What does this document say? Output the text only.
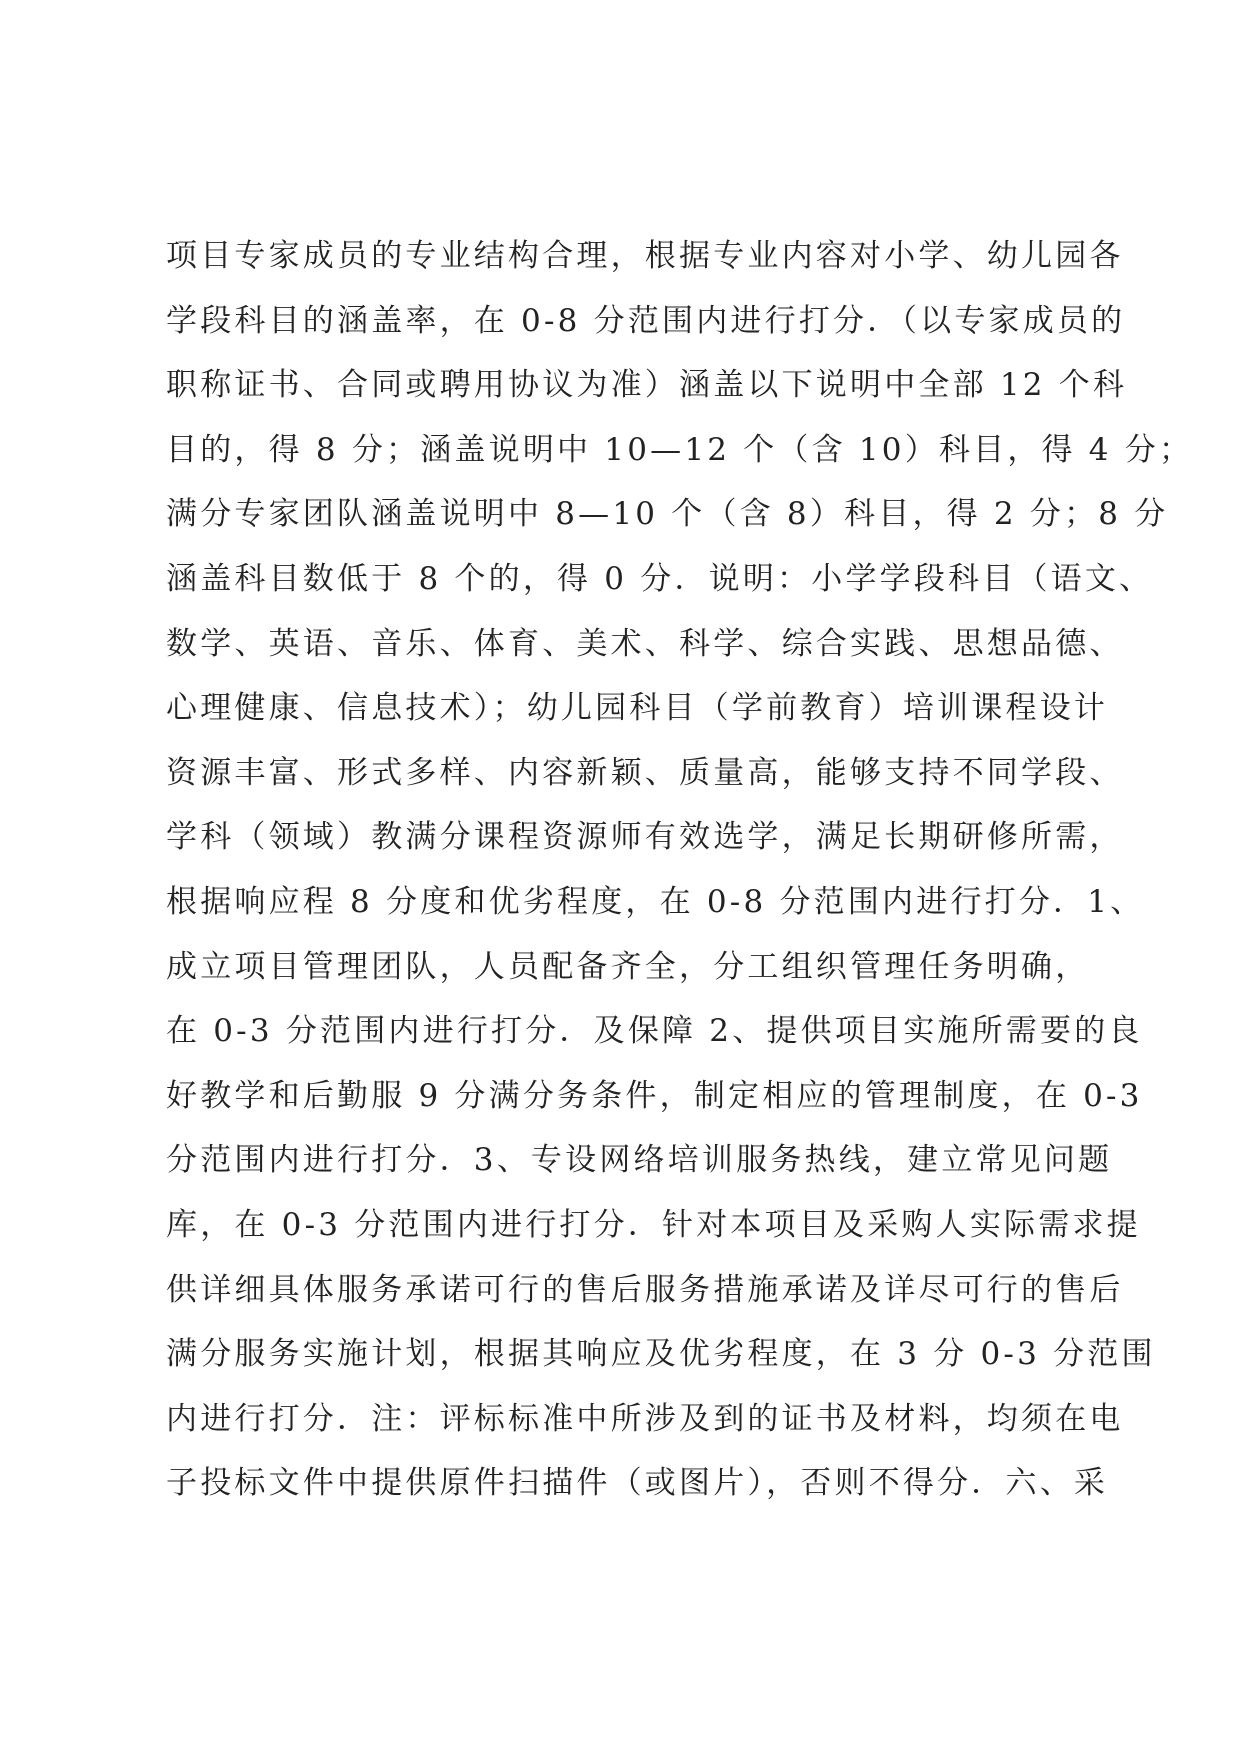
项目专家成员的专业结构合理，根据专业内容对小学、幼儿园各
学段科目的涵盖率，在 0-8 分范围内进行打分．（以专家成员的
职称证书、合同或聘用协议为准）涵盖以下说明中全部 12 个科
目的，得 8 分；涵盖说明中 10—12 个（含 10）科目，得 4 分；
满分专家团队涵盖说明中 8—10 个（含 8）科目，得 2 分；8 分
涵盖科目数低于 8 个的，得 0 分．说明：小学学段科目（语文、
数学、英语、音乐、体育、美术、科学、综合实践、思想品德、
心理健康、信息技术）；幼儿园科目（学前教育）培训课程设计
资源丰富、形式多样、内容新颖、质量高，能够支持不同学段、
学科（领域）教满分课程资源师有效选学，满足长期研修所需，
根据响应程 8 分度和优劣程度，在 0-8 分范围内进行打分．1、
成立项目管理团队，人员配备齐全，分工组织管理任务明确，
在 0-3 分范围内进行打分．及保障 2、提供项目实施所需要的良
好教学和后勤服 9 分满分务条件，制定相应的管理制度，在 0-3
分范围内进行打分．3、专设网络培训服务热线，建立常见问题
库，在 0-3 分范围内进行打分．针对本项目及采购人实际需求提
供详细具体服务承诺可行的售后服务措施承诺及详尽可行的售后
满分服务实施计划，根据其响应及优劣程度，在 3 分 0-3 分范围
内进行打分．注：评标标准中所涉及到的证书及材料，均须在电
子投标文件中提供原件扫描件（或图片），否则不得分．六、采
